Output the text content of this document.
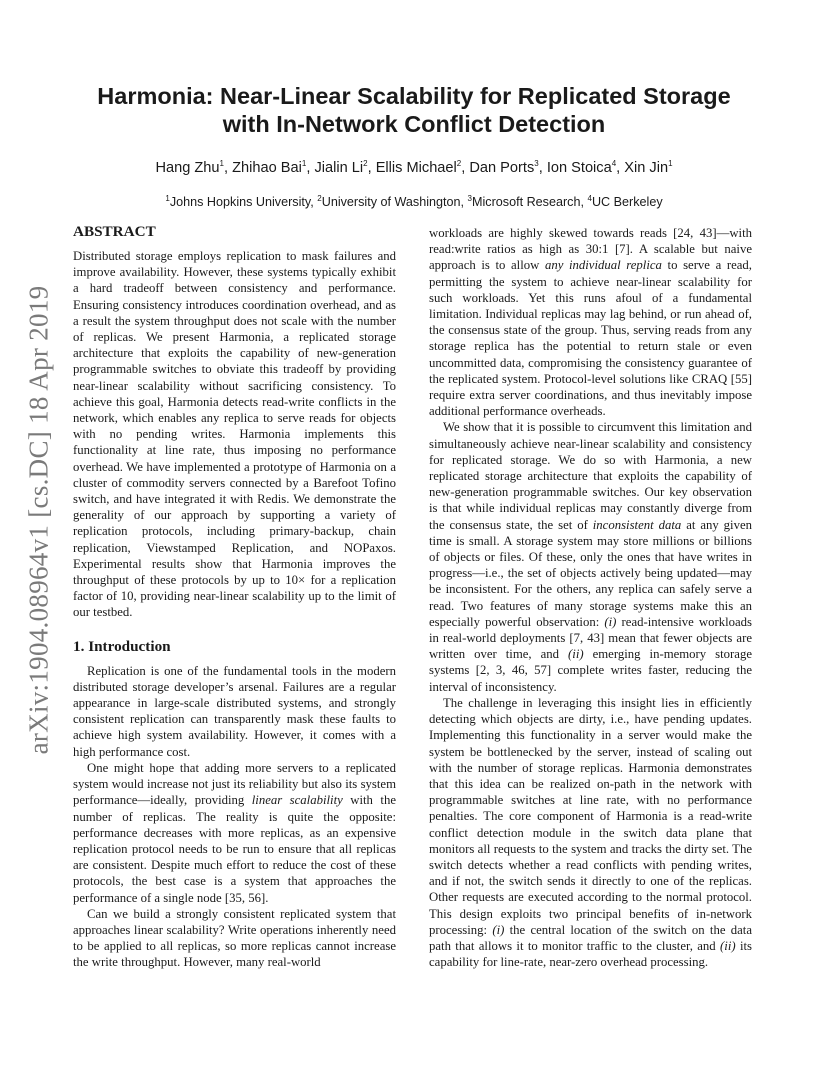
arXiv:1904.08964v1 [cs.DC] 18 Apr 2019
Harmonia: Near-Linear Scalability for Replicated Storage
with In-Network Conflict Detection
Hang Zhu$^1$, Zhihao Bai$^1$, Jialin Li$^2$, Ellis Michael$^2$, Dan Ports$^3$, Ion Stoica$^4$, Xin Jin$^1$
$^1$Johns Hopkins University, $^2$University of Washington, $^3$Microsoft Research, $^4$UC Berkeley
ABSTRACT

Distributed storage employs replication to mask failures and improve availability. However, these systems typically exhibit a hard tradeoff between consistency and performance. Ensuring consistency introduces coordination overhead, and as a result the system throughput does not scale with the number of replicas. We present Harmonia, a replicated storage architecture that exploits the capability of new-generation programmable switches to obviate this tradeoff by providing near-linear scalability without sacrificing consistency. To achieve this goal, Harmonia detects read-write conflicts in the network, which enables any replica to serve reads for objects with no pending writes. Harmonia implements this functionality at line rate, thus imposing no performance overhead. We have implemented a prototype of Harmonia on a cluster of commodity servers connected by a Barefoot Tofino switch, and have integrated it with Redis. We demonstrate the generality of our approach by supporting a variety of replication protocols, including primary-backup, chain replication, Viewstamped Replication, and NOPaxos. Experimental results show that Harmonia improves the throughput of these protocols by up to 10× for a replication factor of 10, providing near-linear scalability up to the limit of our testbed.

1. Introduction

Replication is one of the fundamental tools in the modern distributed storage developer’s arsenal. Failures are a regular appearance in large-scale distributed systems, and strongly consistent replication can transparently mask these faults to achieve high system availability. However, it comes with a high performance cost.

One might hope that adding more servers to a replicated system would increase not just its reliability but also its system performance—ideally, providing linear scalability with the number of replicas. The reality is quite the opposite: performance decreases with more replicas, as an expensive replication protocol needs to be run to ensure that all replicas are consistent. Despite much effort to reduce the cost of these protocols, the best case is a system that approaches the performance of a single node [35, 56].

Can we build a strongly consistent replicated system that approaches linear scalability? Write operations inherently need to be applied to all replicas, so more replicas cannot increase the write throughput. However, many real-world

workloads are highly skewed towards reads [24, 43]—with read:write ratios as high as 30:1 [7]. A scalable but naive approach is to allow any individual replica to serve a read, permitting the system to achieve near-linear scalability for such workloads. Yet this runs afoul of a fundamental limitation. Individual replicas may lag behind, or run ahead of, the consensus state of the group. Thus, serving reads from any storage replica has the potential to return stale or even uncommitted data, compromising the consistency guarantee of the replicated system. Protocol-level solutions like CRAQ [55] require extra server coordinations, and thus inevitably impose additional performance overheads.

We show that it is possible to circumvent this limitation and simultaneously achieve near-linear scalability and consistency for replicated storage. We do so with Harmonia, a new replicated storage architecture that exploits the capability of new-generation programmable switches. Our key observation is that while individual replicas may constantly diverge from the consensus state, the set of inconsistent data at any given time is small. A storage system may store millions or billions of objects or files. Of these, only the ones that have writes in progress—i.e., the set of objects actively being updated—may be inconsistent. For the others, any replica can safely serve a read. Two features of many storage systems make this an especially powerful observation: (i) read-intensive workloads in real-world deployments [7, 43] mean that fewer objects are written over time, and (ii) emerging in-memory storage systems [2, 3, 46, 57] complete writes faster, reducing the interval of inconsistency.

The challenge in leveraging this insight lies in efficiently detecting which objects are dirty, i.e., have pending updates. Implementing this functionality in a server would make the system be bottlenecked by the server, instead of scaling out with the number of storage replicas. Harmonia demonstrates that this idea can be realized on-path in the network with programmable switches at line rate, with no performance penalties. The core component of Harmonia is a read-write conflict detection module in the switch data plane that monitors all requests to the system and tracks the dirty set. The switch detects whether a read conflicts with pending writes, and if not, the switch sends it directly to one of the replicas. Other requests are executed according to the normal protocol. This design exploits two principal benefits of in-network processing: (i) the central location of the switch on the data path that allows it to monitor traffic to the cluster, and (ii) its capability for line-rate, near-zero overhead processing.
